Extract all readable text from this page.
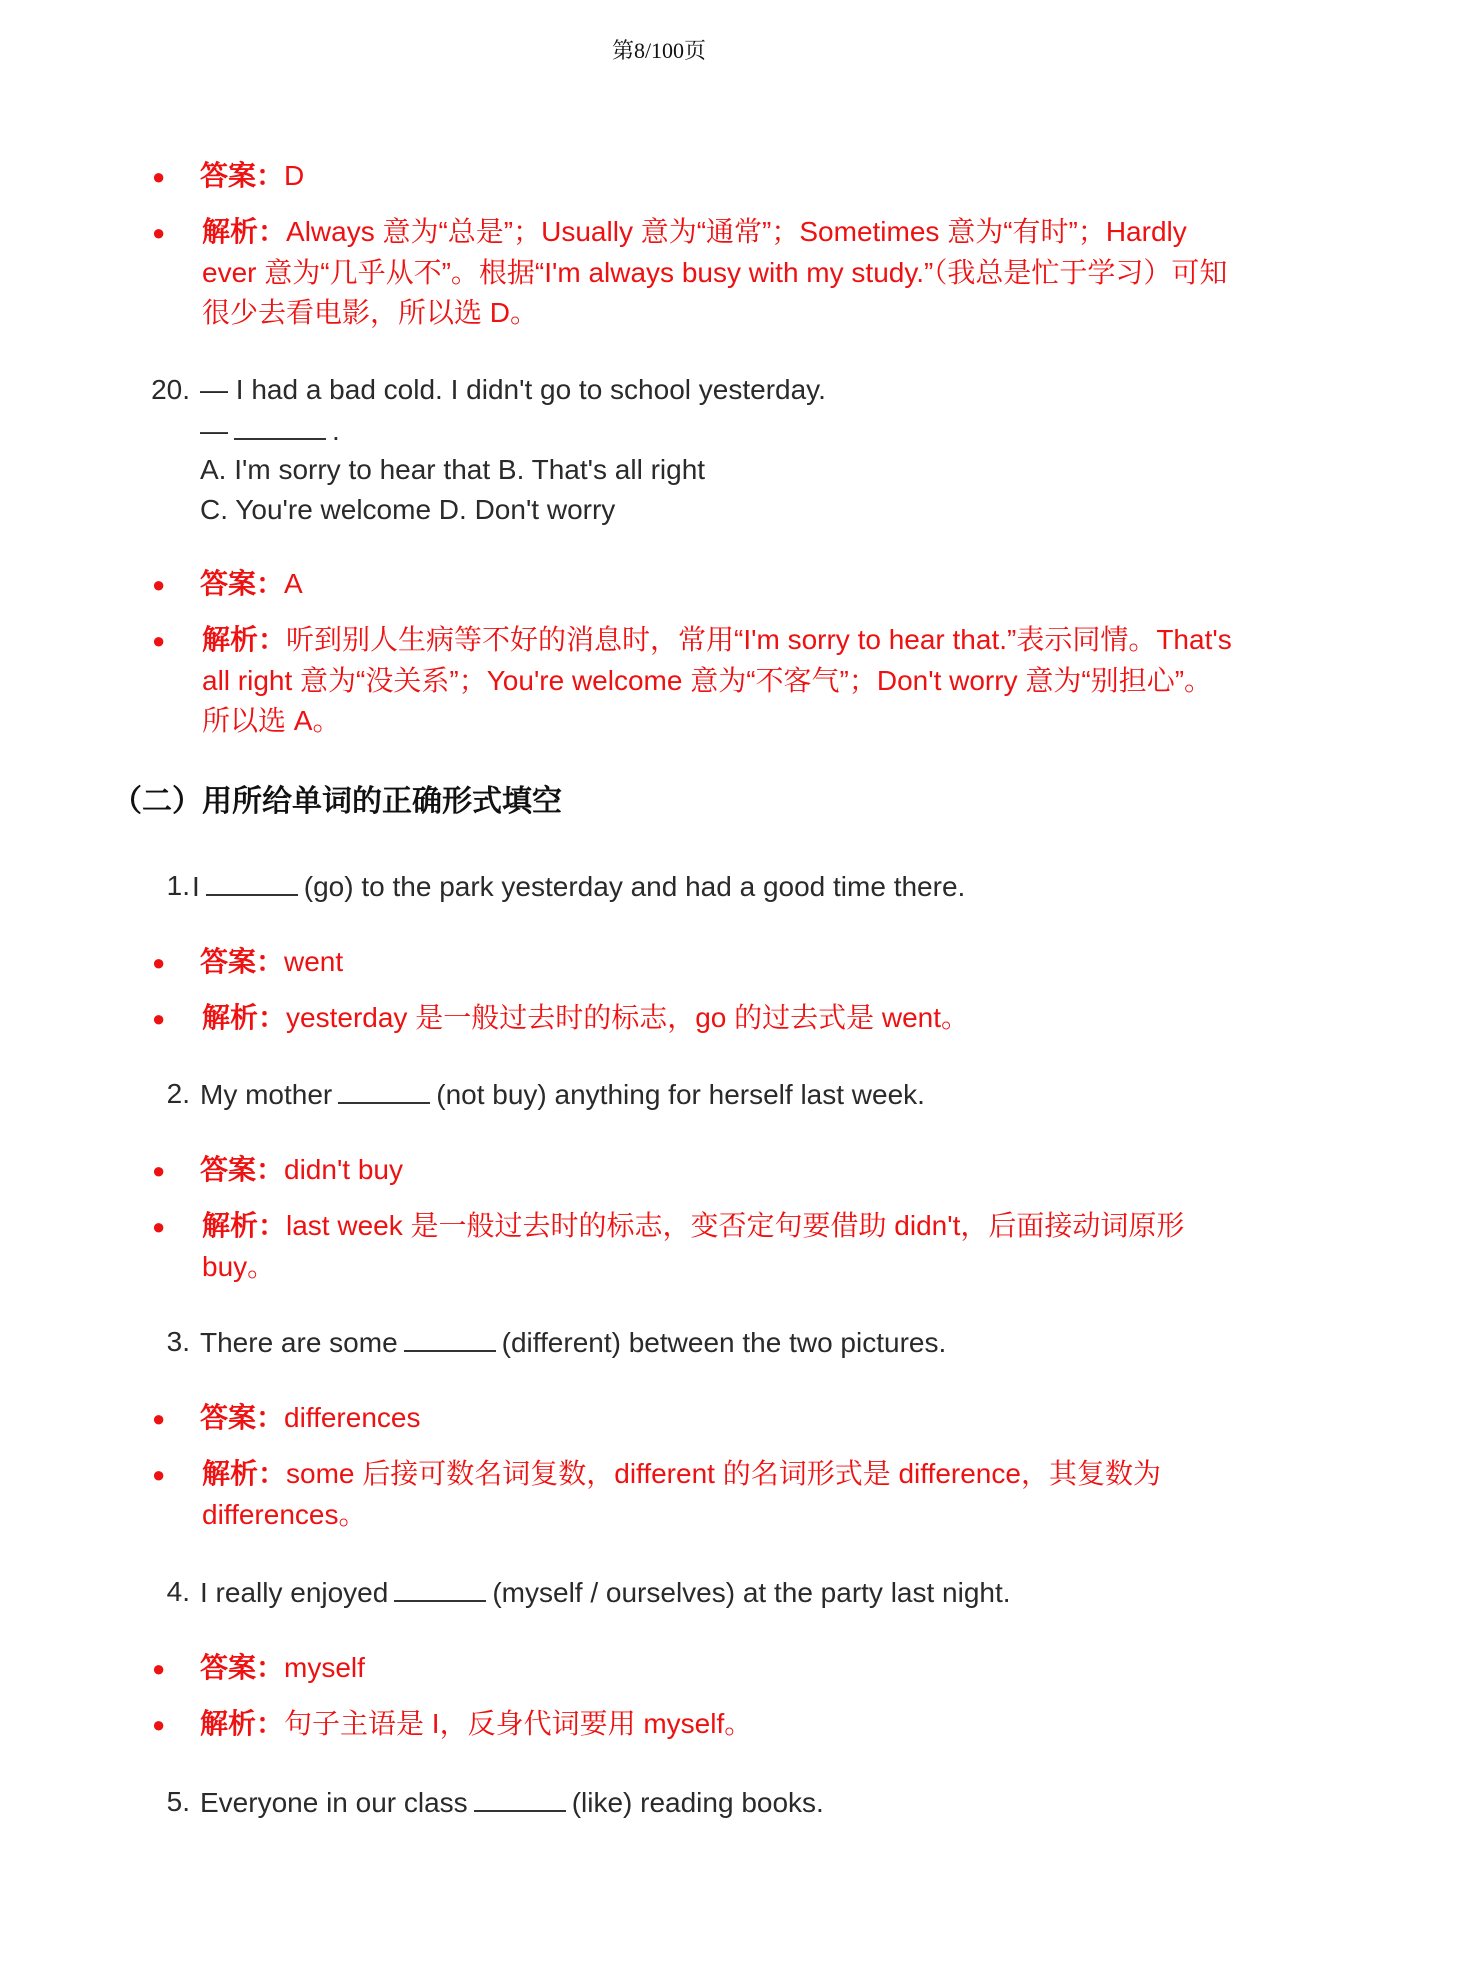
第8/100页
● 答案：D
● 解析：Always 意为“总是”；Usually 意为“通常”；Sometimes 意为“有时”；Hardly ever 意为“几乎从不”。根据“I'm always busy with my study.”（我总是忙于学习）可知很少去看电影，所以选 D。
20. — I had a bad cold. I didn't go to school yesterday.
—	.
A. I'm sorry to hear that B. That's all right
C. You're welcome D. Don't worry
● 答案：A
● 解析：听到别人生病等不好的消息时，常用“I'm sorry to hear that.”表示同情。That's all right 意为“没关系”；You're welcome 意为“不客气”；Don't worry 意为“别担心”。所以选 A。
（二）用所给单词的正确形式填空
1. I	(go) to the park yesterday and had a good time there.
● 答案：went
● 解析：yesterday 是一般过去时的标志，go 的过去式是 went。
2. My mother	(not buy) anything for herself last week.
● 答案：didn't buy
● 解析：last week 是一般过去时的标志，变否定句要借助 didn't，后面接动词原形 buy。
3. There are some	(different) between the two pictures.
● 答案：differences
● 解析：some 后接可数名词复数，different 的名词形式是 difference，其复数为 differences。
4. I really enjoyed	(myself / ourselves) at the party last night.
● 答案：myself
● 解析：句子主语是 I，反身代词要用 myself。
5. Everyone in our class	(like) reading books.
